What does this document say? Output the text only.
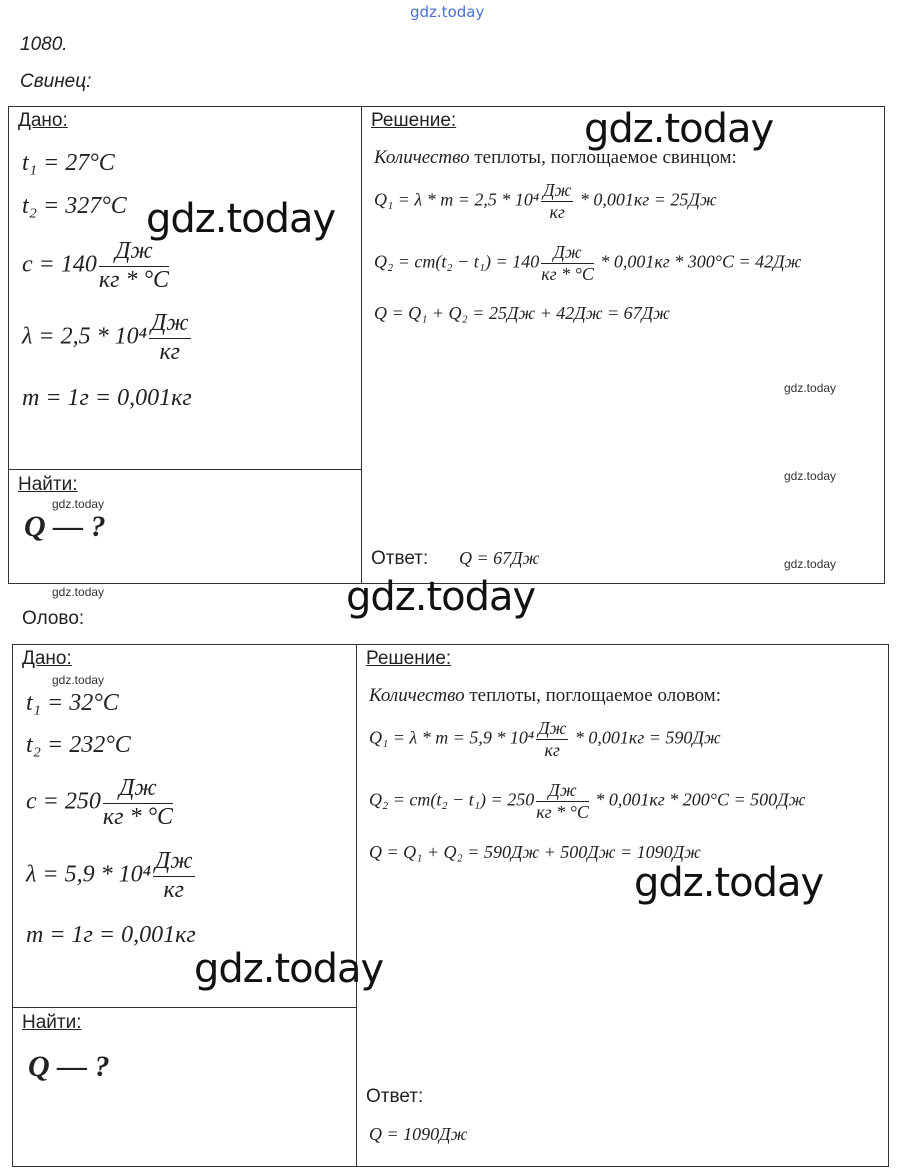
gdz.today
1080.
Свинец:
Дано:
t₁ = 27°C
t₂ = 327°C
$c = 140 \frac{Дж}{кг * ^\circ C}$
$\lambda = 2,5 * 10^4 \frac{Дж}{кг}$
m = 1г = 0,001кг
Найти:
Q — ?
Решение:
Количество теплоты, поглощаемое свинцом:
$Q_1 = \lambda * m = 2,5 * 10^4 \frac{Дж}{кг} * 0,001кг = 25Дж$
$Q_2 = cm(t_2 - t_1) = 140 \frac{Дж}{кг * ^\circ C} * 0,001кг * 300^\circ C = 42Дж$
Q = Q₁ + Q₂ = 25Дж + 42Дж = 67Дж
Ответ: Q = 67Дж
Олово:
Дано:
t₁ = 32°C
t₂ = 232°C
$c = 250 \frac{Дж}{кг * ^\circ C}$
$\lambda = 5,9 * 10^4 \frac{Дж}{кг}$
m = 1г = 0,001кг
Найти:
Q — ?
Решение:
Количество теплоты, поглощаемое оловом:
$Q_1 = \lambda * m = 5,9 * 10^4 \frac{Дж}{кг} * 0,001кг = 590Дж$
$Q_2 = cm(t_2 - t_1) = 250 \frac{Дж}{кг * ^\circ C} * 0,001кг * 200^\circ C = 500Дж$
Q = Q₁ + Q₂ = 590Дж + 500Дж = 1090Дж
Ответ:
Q = 1090Дж
gdz.today
gdz.today
gdz.today
gdz.today
gdz.today
gdz.today
gdz.today
gdz.today
gdz.today
gdz.today
gdz.today
